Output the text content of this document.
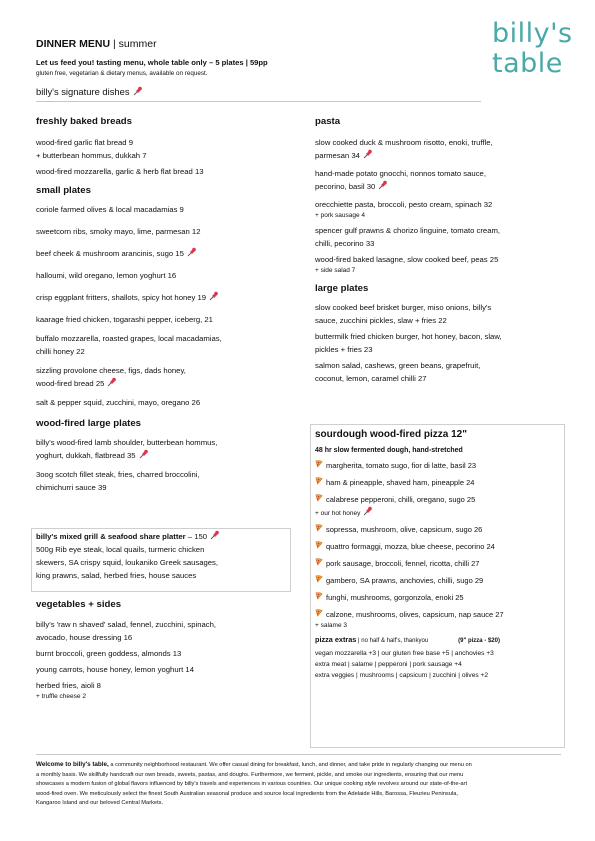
DINNER MENU | summer
Let us feed you! tasting menu, whole table only – 5 plates | 59pp
gluten free, vegetarian & dietary menus, available on request.
billy's signature dishes
billy's
table

freshly baked breads

wood-fired garlic flat bread 9

+ butterbean hommus, dukkah 7

wood-fired mozzarella, garlic & herb flat bread 13

small plates

coriole farmed olives & local macadamias 9

sweetcorn ribs, smoky mayo, lime, parmesan 12

beef cheek & mushroom arancinis, sugo 15

halloumi, wild oregano, lemon yoghurt 16

crisp eggplant fritters, shallots, spicy hot honey 19

kaarage fried chicken, togarashi pepper, iceberg, 21

buffalo mozzarella, roasted grapes, local macadamias,

chilli honey 22

sizzling provolone cheese, figs, dads honey,

wood-fired bread 25

salt & pepper squid, zucchini, mayo, oregano 26

wood-fired large plates

billy's wood-fired lamb shoulder, butterbean hommus,

yoghurt, dukkah, flatbread 35

3oog scotch fillet steak, fries, charred broccolini,

chimichurri sauce 39

billy's mixed grill & seafood share platter – 150

500g Rib eye steak, local quails, turmeric chicken

skewers, SA crispy squid, loukaniko Greek sausages,

king prawns, salad, herbed fries, house sauces

vegetables + sides

billy's 'raw n shaved' salad, fennel, zucchini, spinach,

avocado, house dressing 16

burnt broccoli, green goddess, almonds 13

young carrots, house honey, lemon yoghurt 14

herbed fries, aioli 8

+ truffle cheese 2

pasta

slow cooked duck & mushroom risotto, enoki, truffle,

parmesan 34

hand-made potato gnocchi, nonnos tomato sauce,

pecorino, basil 30

orecchiette pasta, broccoli, pesto cream, spinach 32

+ pork sausage 4

spencer gulf prawns & chorizo linguine, tomato cream,

chilli, pecorino 33

wood-fired baked lasagne, slow cooked beef, peas 25

+ side salad 7

large plates

slow cooked beef brisket burger, miso onions, billy's

sauce, zucchini pickles, slaw + fries 22

buttermilk fried chicken burger, hot honey, bacon, slaw,

pickles + fries 23

salmon salad, cashews, green beans, grapefruit,

coconut, lemon, caramel chilli 27

sourdough wood-fired pizza 12"

48 hr slow fermented dough, hand-stretched

margherita, tomato sugo, fior di latte, basil 23

ham & pineapple, shaved ham, pineapple 24

calabrese pepperoni, chilli, oregano, sugo 25

+ our hot honey

sopressa, mushroom, olive, capsicum, sugo 26

quattro formaggi, mozza, blue cheese, pecorino 24

pork sausage, broccoli, fennel, ricotta, chilli 27

gambero, SA prawns, anchovies, chilli, sugo 29

funghi, mushrooms, gorgonzola, enoki 25

calzone, mushrooms, olives, capsicum, nap sauce 27

+ salame 3

pizza extras | no half & half's, thankyou	(9" pizza - $20)

vegan mozzarella +3 | our gluten free base +5 | anchovies +3

extra meat | salame | pepperoni | pork sausage +4

extra veggies | mushrooms | capsicum | zucchini | olives +2

Welcome to billy's table, a community neighborhood restaurant. We offer casual dining for breakfast, lunch, and dinner, and take pride in regularly changing our menu on
a monthly basis. We skillfully handcraft our own breads, sweets, pastas, and doughs. Furthermore, we ferment, pickle, and smoke our ingredients, ensuring that our menu
showcases a modern fusion of global flavors influenced by billy's travels and experiences in various countries. Our unique cooking style revolves around our state-of-the-art
wood-fired oven. We meticulously select the finest South Australian seasonal produce and source local ingredients from the Adelaide Hills, Barossa, Fleurieu Peninsula,
Kangaroo Island and our beloved Central Markets.
